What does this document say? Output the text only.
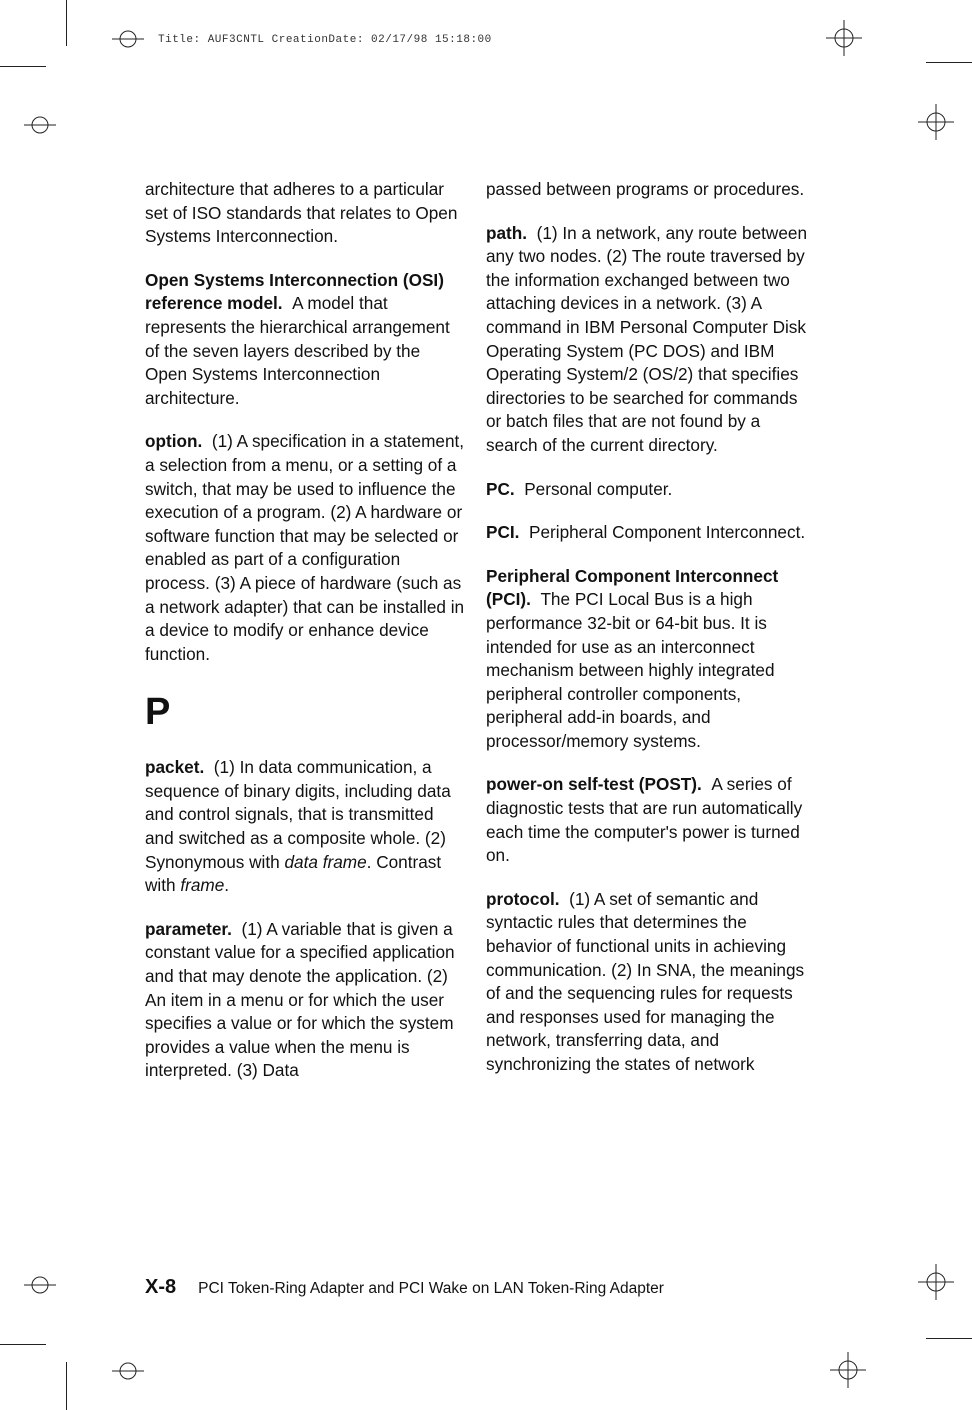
Title: AUF3CNTL CreationDate: 02/17/98 15:18:00

architecture that adheres to a particular set of ISO standards that relates to Open Systems Interconnection.

Open Systems Interconnection (OSI) reference model. A model that represents the hierarchical arrangement of the seven layers described by the Open Systems Interconnection architecture.

option. (1) A specification in a statement, a selection from a menu, or a setting of a switch, that may be used to influence the execution of a program. (2) A hardware or software function that may be selected or enabled as part of a configuration process. (3) A piece of hardware (such as a network adapter) that can be installed in a device to modify or enhance device function.

P

packet. (1) In data communication, a sequence of binary digits, including data and control signals, that is transmitted and switched as a composite whole. (2) Synonymous with data frame. Contrast with frame.

parameter. (1) A variable that is given a constant value for a specified application and that may denote the application. (2) An item in a menu or for which the user specifies a value or for which the system provides a value when the menu is interpreted. (3) Data

passed between programs or procedures.

path. (1) In a network, any route between any two nodes. (2) The route traversed by the information exchanged between two attaching devices in a network. (3) A command in IBM Personal Computer Disk Operating System (PC DOS) and IBM Operating System/2 (OS/2) that specifies directories to be searched for commands or batch files that are not found by a search of the current directory.

PC. Personal computer.

PCI. Peripheral Component Interconnect.

Peripheral Component Interconnect (PCI). The PCI Local Bus is a high performance 32-bit or 64-bit bus. It is intended for use as an interconnect mechanism between highly integrated peripheral controller components, peripheral add-in boards, and processor/memory systems.

power-on self-test (POST). A series of diagnostic tests that are run automatically each time the computer's power is turned on.

protocol. (1) A set of semantic and syntactic rules that determines the behavior of functional units in achieving communication. (2) In SNA, the meanings of and the sequencing rules for requests and responses used for managing the network, transferring data, and synchronizing the states of network

X-8 PCI Token-Ring Adapter and PCI Wake on LAN Token-Ring Adapter
